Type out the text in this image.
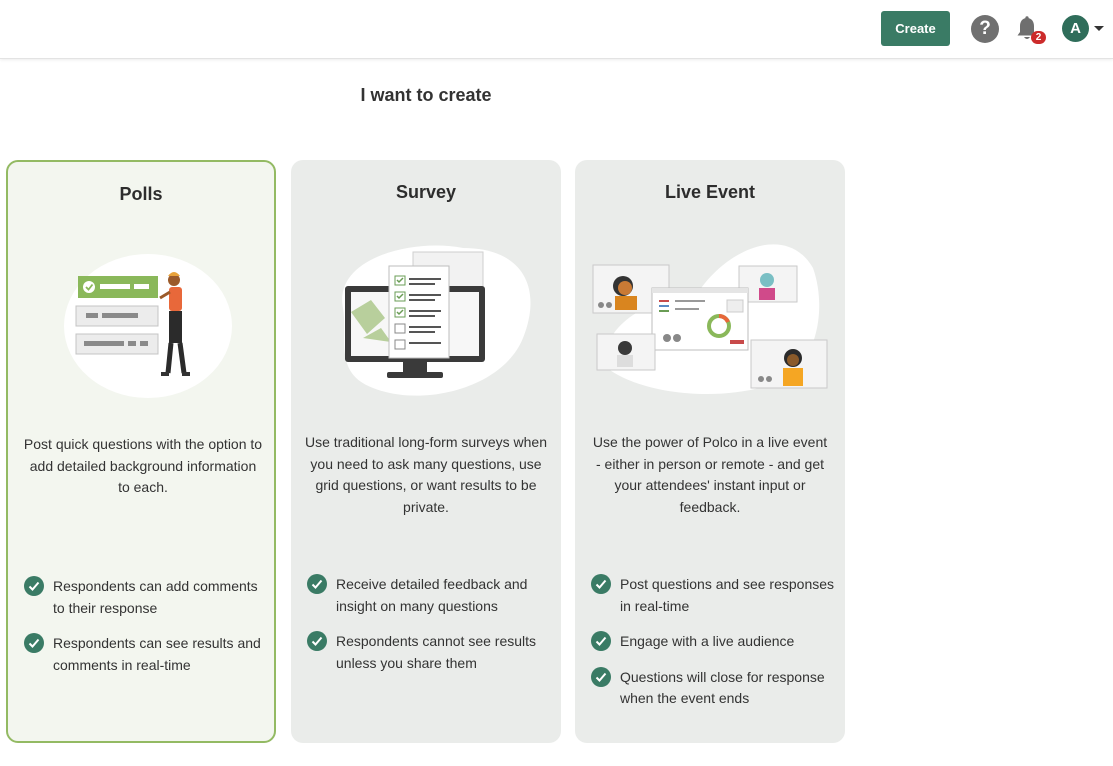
Create	?	2
A
I want to create
Polls
Post quick questions with the option to add detailed background information to each.
Respondents can add comments to their response
Respondents can see results and comments in real-time
Survey
Use traditional long-form surveys when you need to ask many questions, use grid questions, or want results to be private.
Receive detailed feedback and insight on many questions
Respondents cannot see results unless you share them
Live Event
Use the power of Polco in a live event - either in person or remote - and get your attendees' instant input or feedback.
Post questions and see responses in real-time
Engage with a live audience
Questions will close for response when the event ends
